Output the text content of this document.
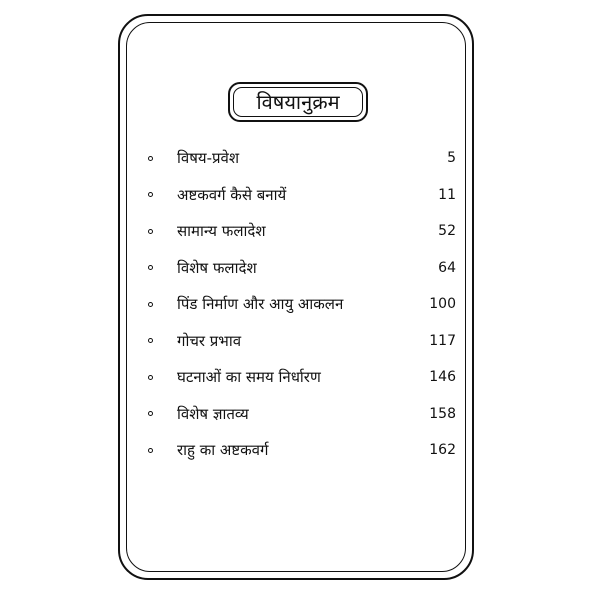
विषयानुक्रम
विषय-प्रवेश	5
अष्टकवर्ग कैसे बनायें	11
सामान्य फलादेश	52
विशेष फलादेश	64
पिंड निर्माण और आयु आकलन	100
गोचर प्रभाव	117
घटनाओं का समय निर्धारण	146
विशेष ज्ञातव्य	158
राहु का अष्टकवर्ग	162
